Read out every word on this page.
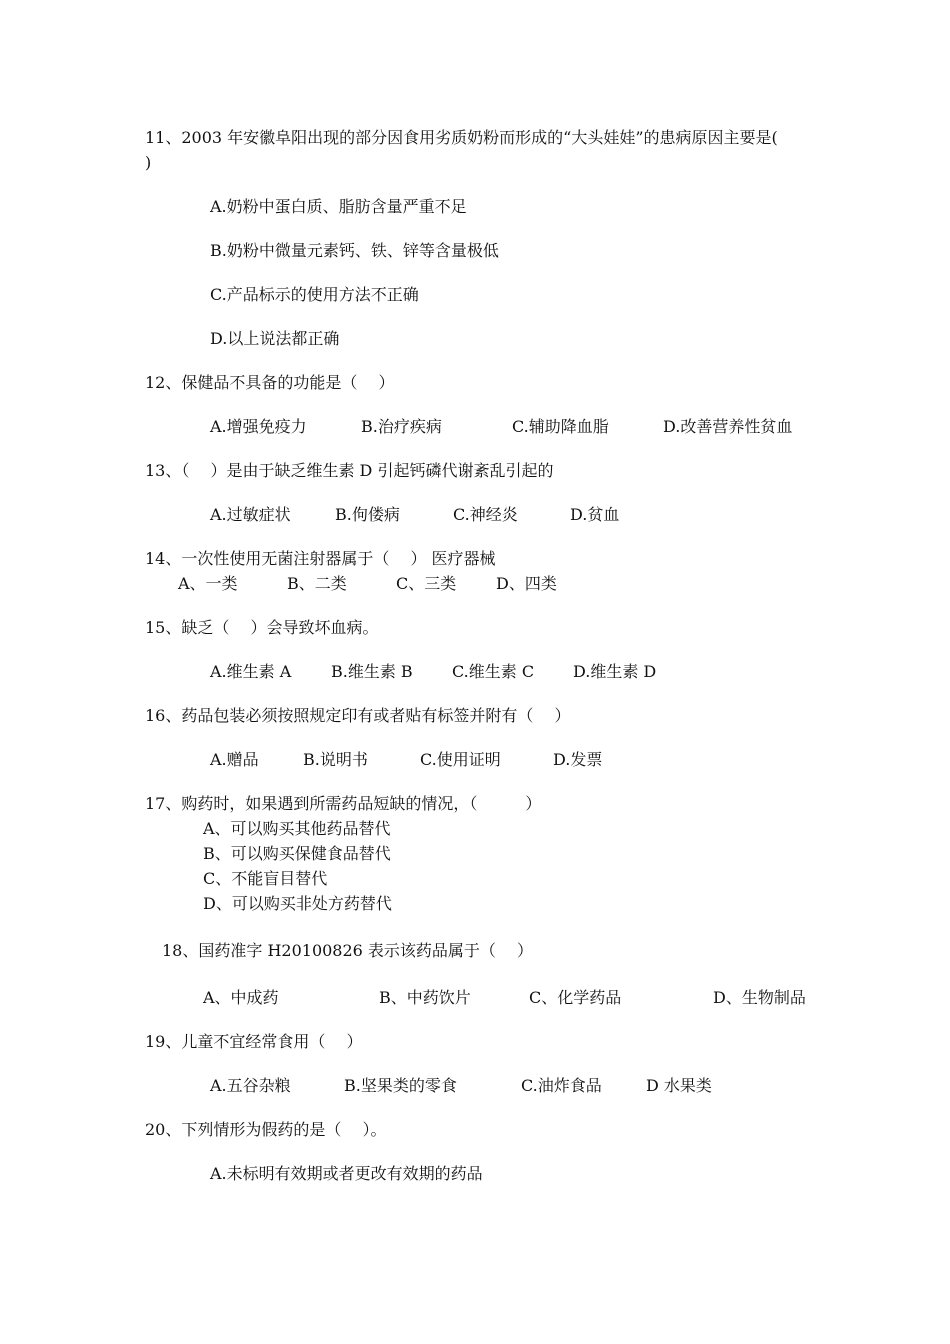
11、2003 年安徽阜阳出现的部分因食用劣质奶粉而形成的“大头娃娃”的患病原因主要是(
)
A.奶粉中蛋白质、脂肪含量严重不足
B.奶粉中微量元素钙、铁、锌等含量极低
C.产品标示的使用方法不正确
D.以上说法都正确
12、保健品不具备的功能是（　 ）
A.增强免疫力	B.治疗疾病	C.辅助降血脂	D.改善营养性贫血
13、（　 ）是由于缺乏维生素 D 引起钙磷代谢紊乱引起的
A.过敏症状	B.佝偻病	C.神经炎	D.贫血
14、一次性使用无菌注射器属于（　 ） 医疗器械
A、一类	B、二类	C、三类 D、四类
15、缺乏（　 ）会导致坏血病。
A.维生素 A B.维生素 B C.维生素 C D.维生素 D
16、药品包装必须按照规定印有或者贴有标签并附有（　 ）
A.赠品	B.说明书	C.使用证明	D.发票
17、购药时，如果遇到所需药品短缺的情况，（　　　）
A、可以购买其他药品替代
B、可以购买保健食品替代
C、不能盲目替代
D、可以购买非处方药替代
18、国药准字 H20100826 表示该药品属于（　 ）
A、中成药	B、中药饮片	C、化学药品	D、生物制品
19、儿童不宜经常食用（　 ）
A.五谷杂粮	B.坚果类的零食	C.油炸食品	D 水果类
20、下列情形为假药的是（　 ）。
A.未标明有效期或者更改有效期的药品
